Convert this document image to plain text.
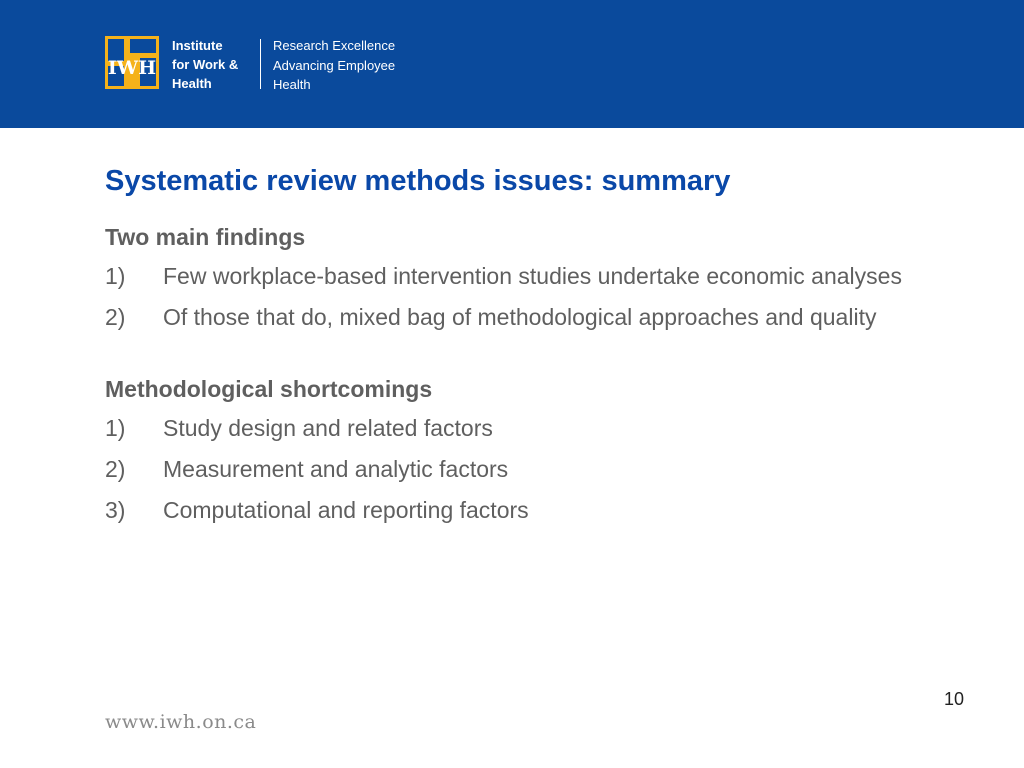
IWH
Institute
for Work &
Health
Research Excellence
Advancing Employee
Health
Systematic review methods issues: summary

Two main findings

1)	Few workplace-based intervention studies undertake economic analyses
2)	Of those that do, mixed bag of methodological approaches and quality

Methodological shortcomings

1)	Study design and related factors
2)	Measurement and analytic factors
3)	Computational and reporting factors
10
www.iwh.on.ca
